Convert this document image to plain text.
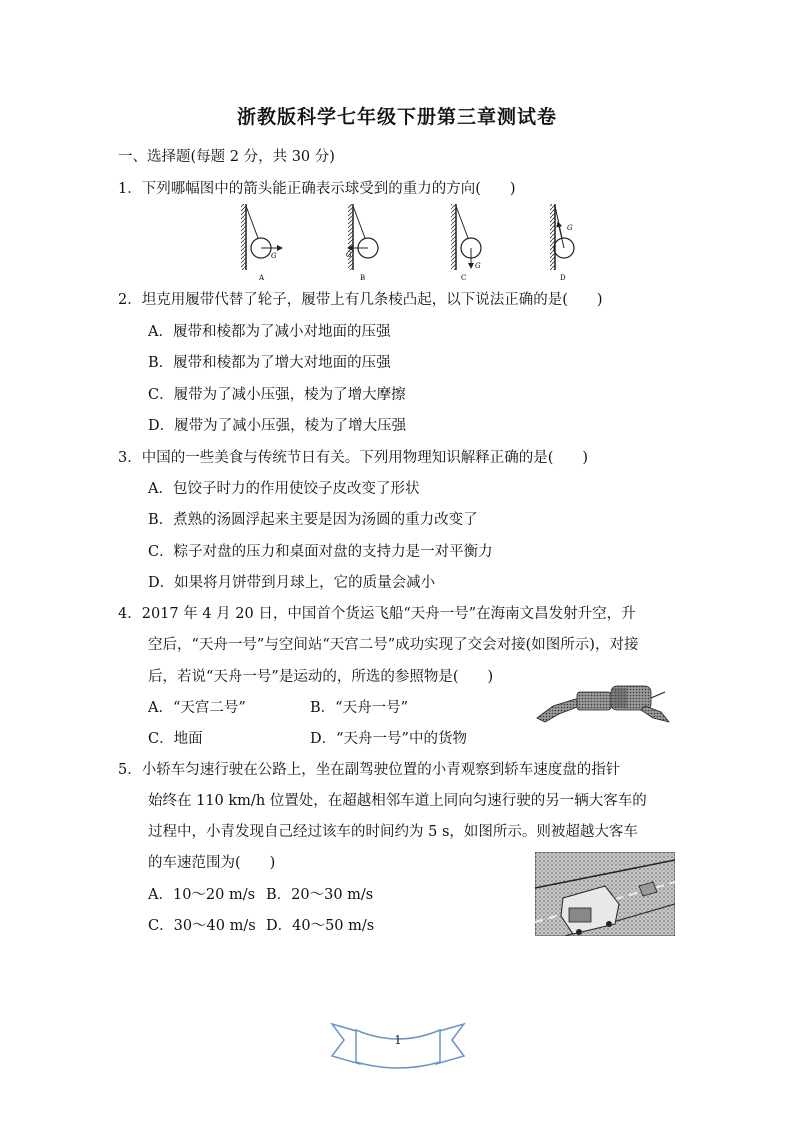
浙教版科学七年级下册第三章测试卷
一、选择题(每题 2 分，共 30 分)
1．下列哪幅图中的箭头能正确表示球受到的重力的方向(　　)
G
A
G
B
G
C
G
D
2．坦克用履带代替了轮子，履带上有几条棱凸起，以下说法正确的是(　　)
A．履带和棱都为了减小对地面的压强
B．履带和棱都为了增大对地面的压强
C．履带为了减小压强，棱为了增大摩擦
D．履带为了减小压强，棱为了增大压强
3．中国的一些美食与传统节日有关。下列用物理知识解释正确的是(　　)
A．包饺子时力的作用使饺子皮改变了形状
B．煮熟的汤圆浮起来主要是因为汤圆的重力改变了
C．粽子对盘的压力和桌面对盘的支持力是一对平衡力
D．如果将月饼带到月球上，它的质量会减小
4．2017 年 4 月 20 日，中国首个货运飞船“天舟一号”在海南文昌发射升空，升
空后，“天舟一号”与空间站“天宫二号”成功实现了交会对接(如图所示)，对接
后，若说“天舟一号”是运动的，所选的参照物是(　　)
A．“天宫二号”	B．“天舟一号”
C．地面	D．“天舟一号”中的货物
5．小轿车匀速行驶在公路上，坐在副驾驶位置的小青观察到轿车速度盘的指针
始终在 110 km/h 位置处，在超越相邻车道上同向匀速行驶的另一辆大客车的
过程中，小青发现自己经过该车的时间约为 5 s，如图所示。则被超越大客车
的车速范围为(　　)
A．10～20 m/s B．20～30 m/s
C．30～40 m/s D．40～50 m/s
1
